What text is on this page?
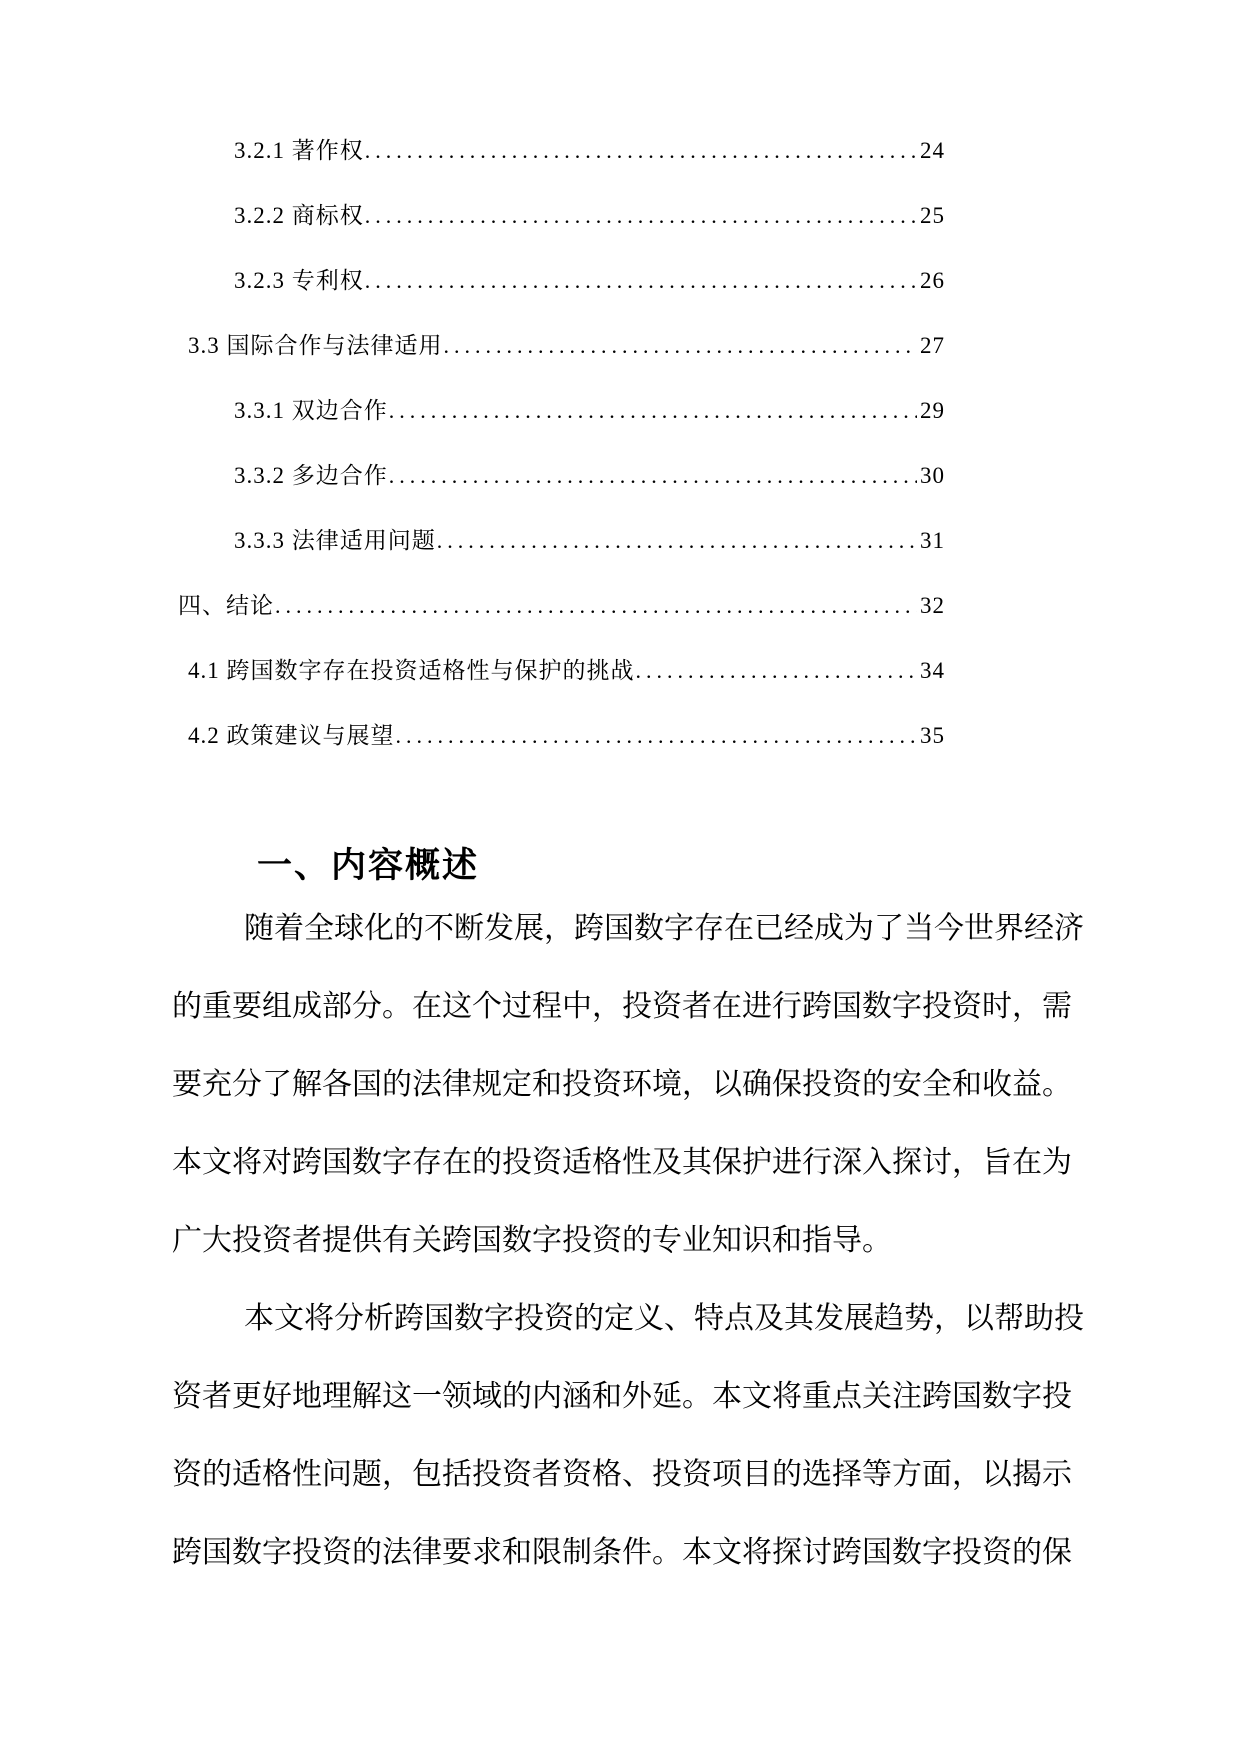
3.2.1 著作权 .....	24
3.2.2 商标权 .....	25
3.2.3 专利权 .....	26
3.3 国际合作与法律适用 .....	27
3.3.1 双边合作 .....	29
3.3.2 多边合作 .....	30
3.3.3 法律适用问题 .....	31
四、结论 .....	32
4.1 跨国数字存在投资适格性与保护的挑战 .....	34
4.2 政策建议与展望 .....	35
一、内容概述
随着全球化的不断发展，跨国数字存在已经成为了当今世界经济
的重要组成部分。在这个过程中，投资者在进行跨国数字投资时，需
要充分了解各国的法律规定和投资环境，以确保投资的安全和收益。
本文将对跨国数字存在的投资适格性及其保护进行深入探讨，旨在为
广大投资者提供有关跨国数字投资的专业知识和指导。
本文将分析跨国数字投资的定义、特点及其发展趋势，以帮助投
资者更好地理解这一领域的内涵和外延。本文将重点关注跨国数字投
资的适格性问题，包括投资者资格、投资项目的选择等方面，以揭示
跨国数字投资的法律要求和限制条件。本文将探讨跨国数字投资的保
